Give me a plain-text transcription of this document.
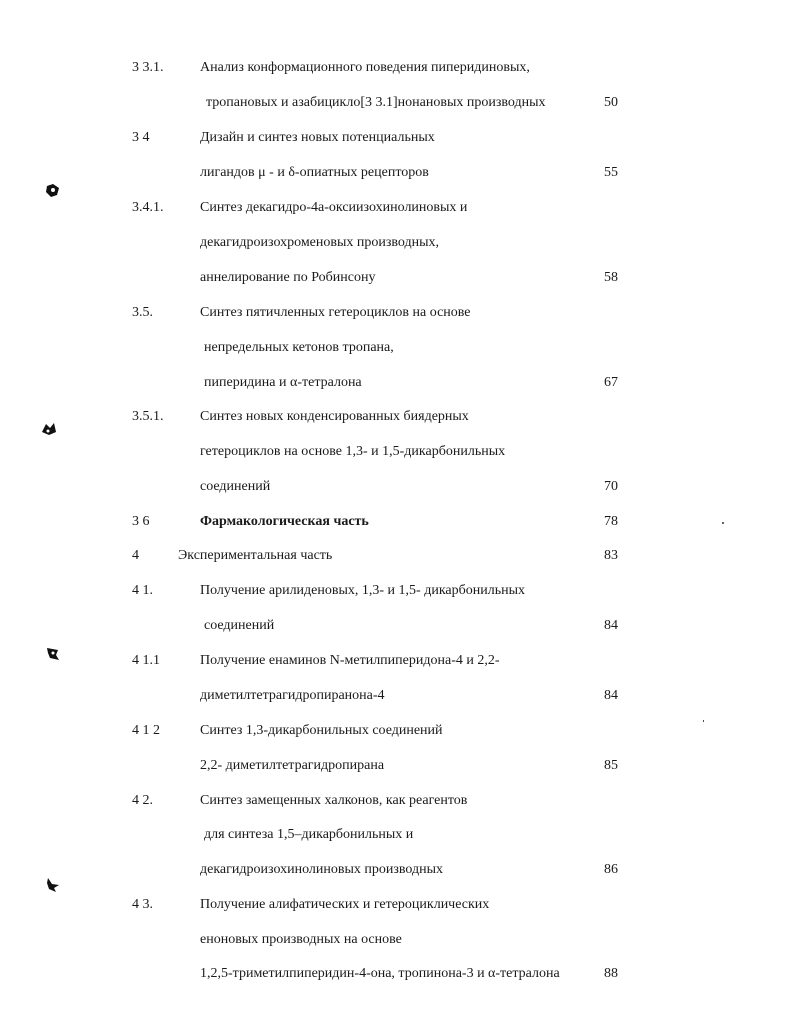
3 3.1.	Анализ конформационного поведения пиперидиновых,
тропановых и азабицикло[3 3.1]нонановых производных	50
3 4	Дизайн и синтез новых потенциальных
лигандов μ - и δ-опиатных рецепторов	55
3.4.1.	Синтез декагидро-4а-оксиизохинолиновых и
декагидроизохроменовых производных,
аннелирование по Робинсону	58
3.5.	Синтез пятичленных гетероциклов на основе
непредельных кетонов тропана,
пиперидина и α-тетралона	67
3.5.1.	Синтез новых конденсированных биядерных
гетероциклов на основе 1,3- и 1,5-дикарбонильных
соединений	70
3 6	Фармакологическая часть	78
4	Экспериментальная часть	83
4 1.	Получение арилиденовых, 1,3- и 1,5- дикарбонильных
соединений	84
4 1.1	Получение енаминов N-метилпиперидона-4 и 2,2-
диметилтетрагидропиранона-4	84
4 1 2	Синтез 1,3-дикарбонильных соединений
2,2- диметилтетрагидропирана	85
4 2.	Синтез замещенных халконов, как реагентов
для синтеза 1,5–дикарбонильных и
декагидроизохинолиновых производных	86
4 3.	Получение алифатических и гетероциклических
еноновых производных на основе
1,2,5-триметилпиперидин-4-она, тропинона-3 и α-тетралона	88
